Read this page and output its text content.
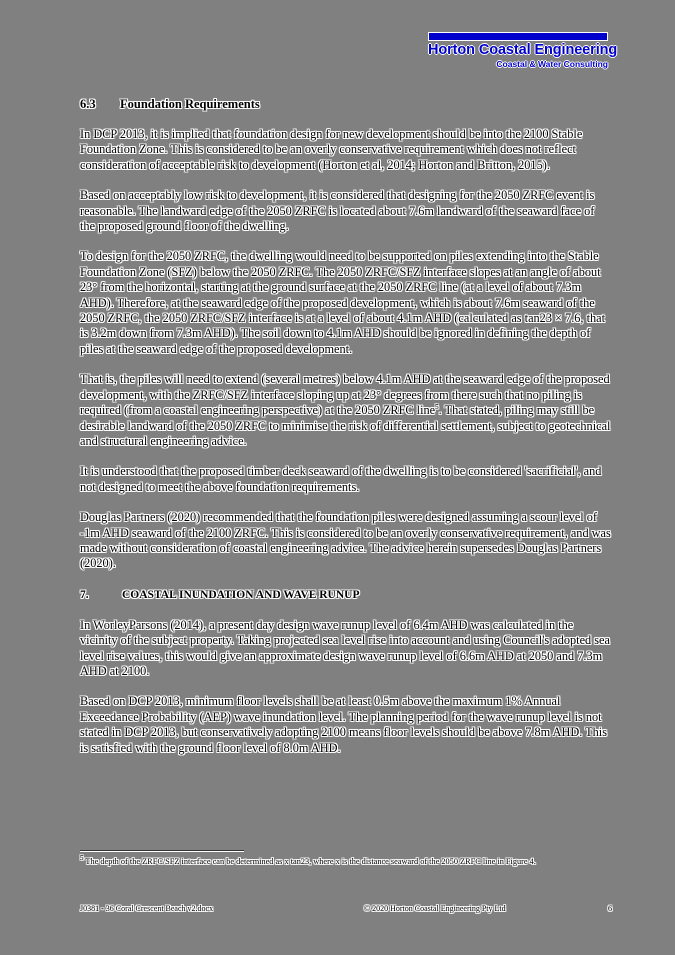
Horton Coastal Engineering
Coastal & Water Consulting
6.3	Foundation Requirements

In DCP 2013, it is implied that foundation design for new development should be into the 2100 Stable Foundation Zone. This is considered to be an overly conservative requirement which does not reflect consideration of acceptable risk to development (Horton et al, 2014; Horton and Britton, 2015).

Based on acceptably low risk to development, it is considered that designing for the 2050 ZRFC event is reasonable. The landward edge of the 2050 ZRFC is located about 7.6m landward of the seaward face of the proposed ground floor of the dwelling.

To design for the 2050 ZRFC, the dwelling would need to be supported on piles extending into the Stable Foundation Zone (SFZ) below the 2050 ZRFC. The 2050 ZRFC/SFZ interface slopes at an angle of about 23° from the horizontal, starting at the ground surface at the 2050 ZRFC line (at a level of about 7.3m AHD). Therefore, at the seaward edge of the proposed development, which is about 7.6m seaward of the 2050 ZRFC, the 2050 ZRFC/SFZ interface is at a level of about 4.1m AHD (calculated as tan23 × 7.6, that is 3.2m down from 7.3m AHD). The soil down to 4.1m AHD should be ignored in defining the depth of piles at the seaward edge of the proposed development.

That is, the piles will need to extend (several metres) below 4.1m AHD at the seaward edge of the proposed development, with the ZRFC/SFZ interface sloping up at 23° degrees from there such that no piling is required (from a coastal engineering perspective) at the 2050 ZRFC line$^5$. That stated, piling may still be desirable landward of the 2050 ZRFC to minimise the risk of differential settlement, subject to geotechnical and structural engineering advice.

It is understood that the proposed timber deck seaward of the dwelling is to be considered 'sacrificial', and not designed to meet the above foundation requirements.

Douglas Partners (2020) recommended that the foundation piles were designed assuming a scour level of -1m AHD seaward of the 2100 ZRFC. This is considered to be an overly conservative requirement, and was made without consideration of coastal engineering advice. The advice herein supersedes Douglas Partners (2020).

7.	COASTAL INUNDATION AND WAVE RUNUP

In WorleyParsons (2014), a present day design wave runup level of 6.4m AHD was calculated in the vicinity of the subject property. Taking projected sea level rise into account and using Council's adopted sea level rise values, this would give an approximate design wave runup level of 6.6m AHD at 2050 and 7.3m AHD at 2100.

Based on DCP 2013, minimum floor levels shall be at least 0.5m above the maximum 1% Annual Exceedance Probability (AEP) wave inundation level. The planning period for the wave runup level is not stated in DCP 2013, but conservatively adopting 2100 means floor levels should be above 7.8m AHD. This is satisfied with the ground floor level of 8.0m AHD.

$^5$ The depth of the ZRFC/SFZ interface can be determined as x tan23, where x is the distance seaward of the 2050 ZRFC line in Figure 4.
J0381 - 36 Coral Crescent Beach v2.docx	© 2020 Horton Coastal Engineering Pty Ltd	6
